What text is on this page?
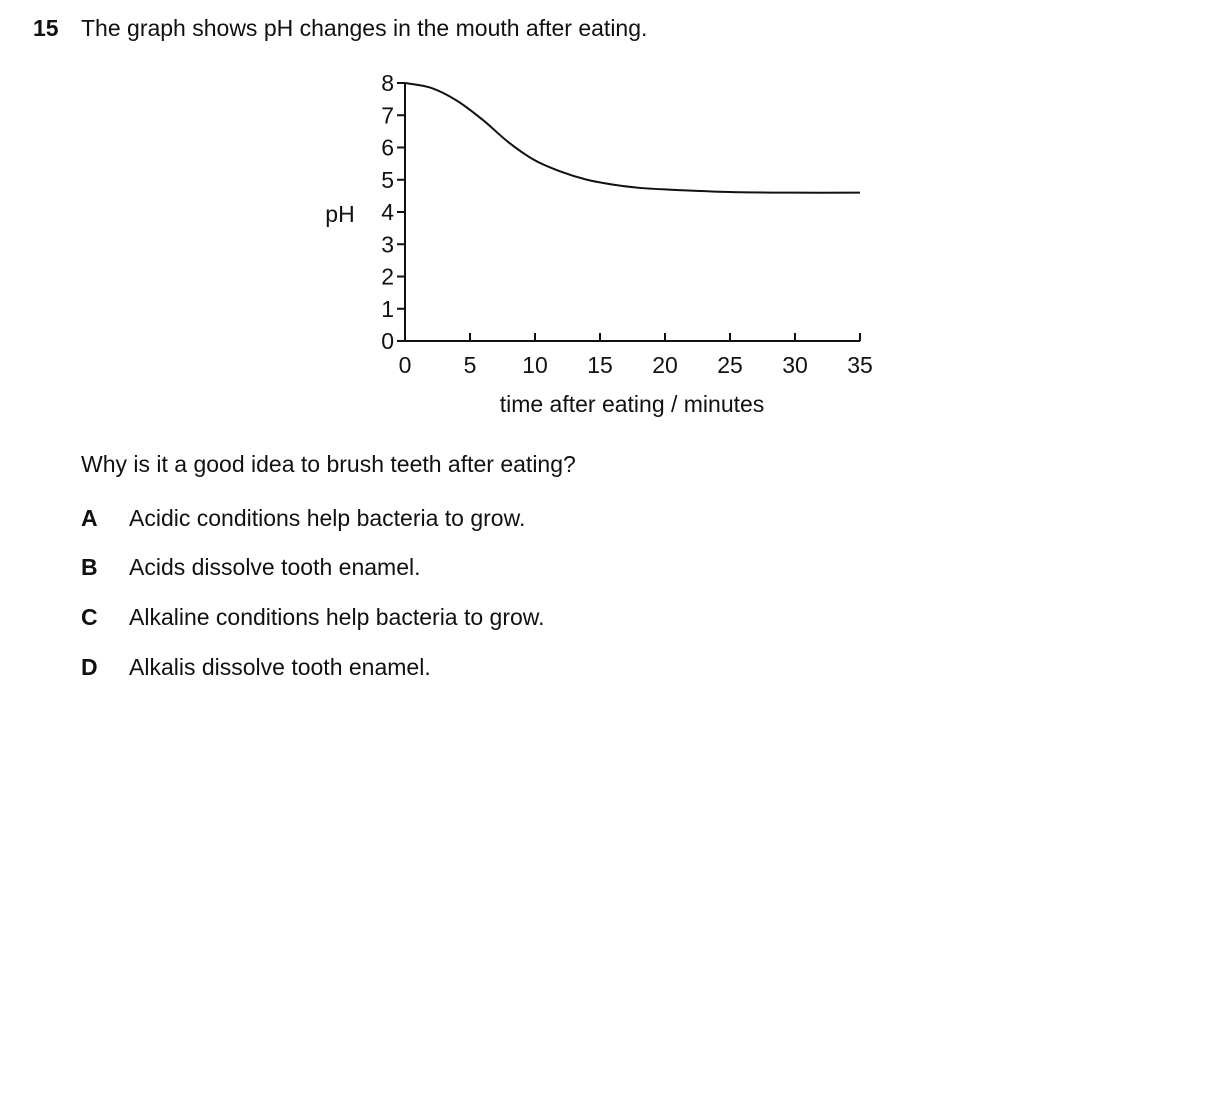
15 The graph shows pH changes in the mouth after eating.
0
1
2
3
4
5
6
7
8
0 5 10 15 20 25 30 35
pH
time after eating / minutes
Why is it a good idea to brush teeth after eating?
A	Acidic conditions help bacteria to grow.
B	Acids dissolve tooth enamel.
C	Alkaline conditions help bacteria to grow.
D	Alkalis dissolve tooth enamel.
